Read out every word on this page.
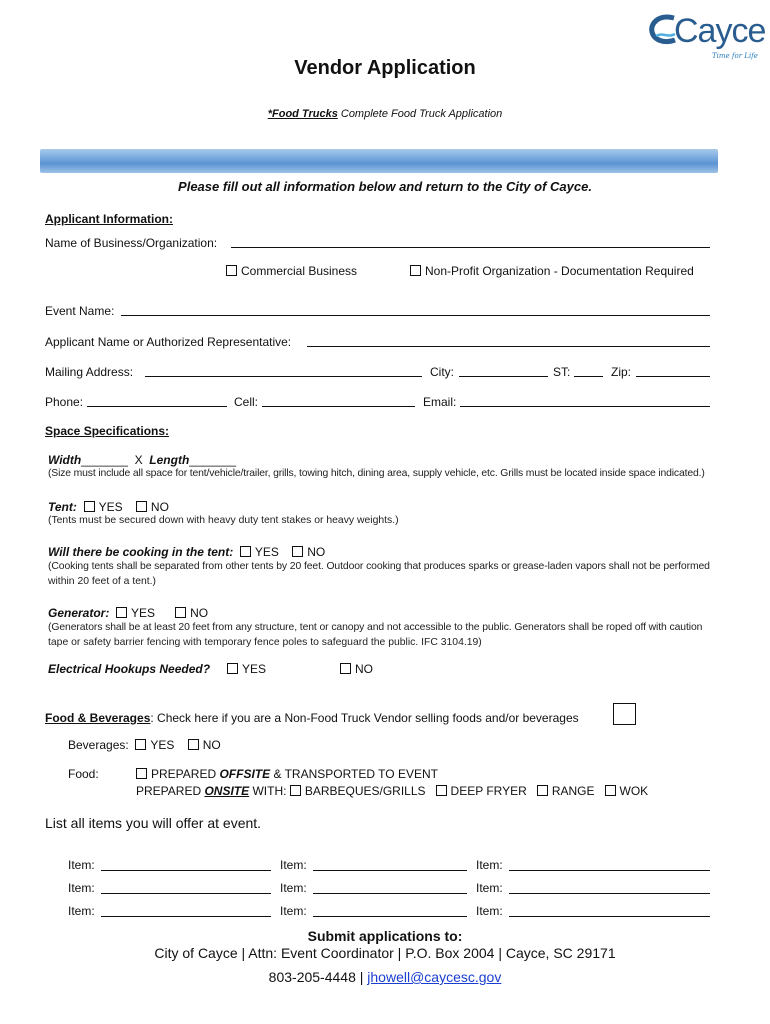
Cayce
Time for Life
Vendor Application
*Food Trucks Complete Food Truck Application
Please fill out all information below and return to the City of Cayce.
Applicant Information:
Name of Business/Organization:
Commercial Business	Non-Profit Organization - Documentation Required
Event Name:
Applicant Name or Authorized Representative:
Mailing Address:	City:	ST:	Zip:
Phone:	Cell:	Email:
Space Specifications:
Width_______ X Length_______
(Size must include all space for tent/vehicle/trailer, grills, towing hitch, dining area, supply vehicle, etc. Grills must be located inside space indicated.)
Tent: YES NO
(Tents must be secured down with heavy duty tent stakes or heavy weights.)
Will there be cooking in the tent: YES NO
(Cooking tents shall be separated from other tents by 20 feet. Outdoor cooking that produces sparks or grease-laden vapors shall not be performed
within 20 feet of a tent.)
Generator: YES	NO
(Generators shall be at least 20 feet from any structure, tent or canopy and not accessible to the public. Generators shall be roped off with caution
tape or safety barrier fencing with temporary fence poles to safeguard the public. IFC 3104.19)
Electrical Hookups Needed?	YES	NO
Food & Beverages: Check here if you are a Non-Food Truck Vendor selling foods and/or beverages
Beverages: YES NO
Food:	PREPARED OFFSITE & TRANSPORTED TO EVENT
PREPARED ONSITE WITH: BARBEQUES/GRILLS DEEP FRYER RANGE WOK
List all items you will offer at event.
Item:	Item:	Item:
Item:	Item:	Item:
Item:	Item:	Item:
Submit applications to:
City of Cayce | Attn: Event Coordinator | P.O. Box 2004 | Cayce, SC 29171
803-205-4448 | jhowell@caycesc.gov
